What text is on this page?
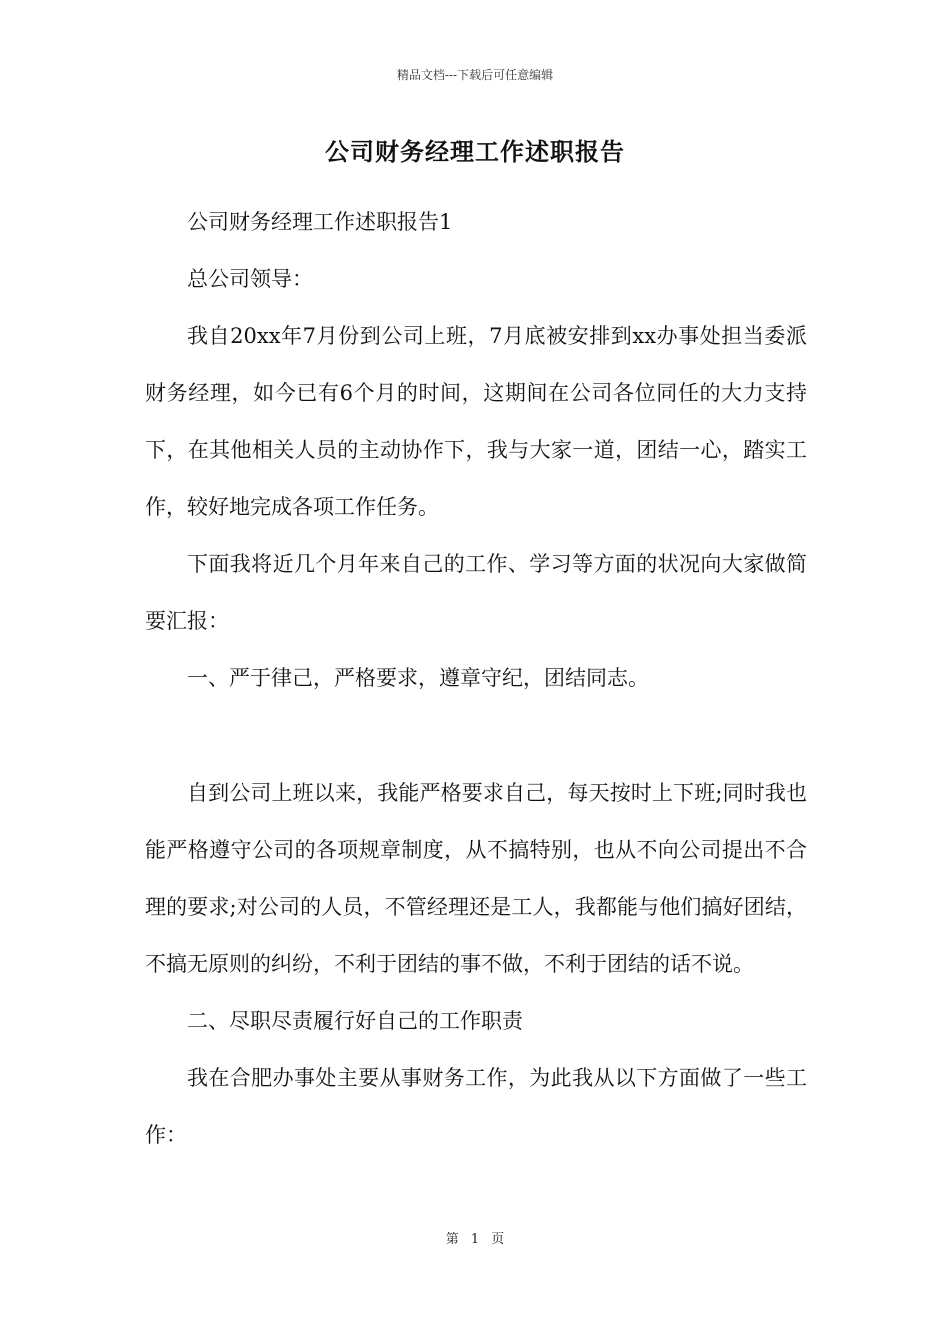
精品文档---下载后可任意编辑
公司财务经理工作述职报告

公司财务经理工作述职报告1

总公司领导：

我自20xx年7月份到公司上班，7月底被安排到xx办事处担当委派财务经理，如今已有6个月的时间，这期间在公司各位同任的大力支持下，在其他相关人员的主动协作下，我与大家一道，团结一心，踏实工作，较好地完成各项工作任务。

下面我将近几个月年来自己的工作、学习等方面的状况向大家做简要汇报：

一、严于律己，严格要求，遵章守纪，团结同志。

自到公司上班以来，我能严格要求自己，每天按时上下班;同时我也能严格遵守公司的各项规章制度，从不搞特别，也从不向公司提出不合理的要求;对公司的人员，不管经理还是工人，我都能与他们搞好团结，不搞无原则的纠纷，不利于团结的事不做，不利于团结的话不说。

二、尽职尽责履行好自己的工作职责

我在合肥办事处主要从事财务工作，为此我从以下方面做了一些工作：

第 1 页
